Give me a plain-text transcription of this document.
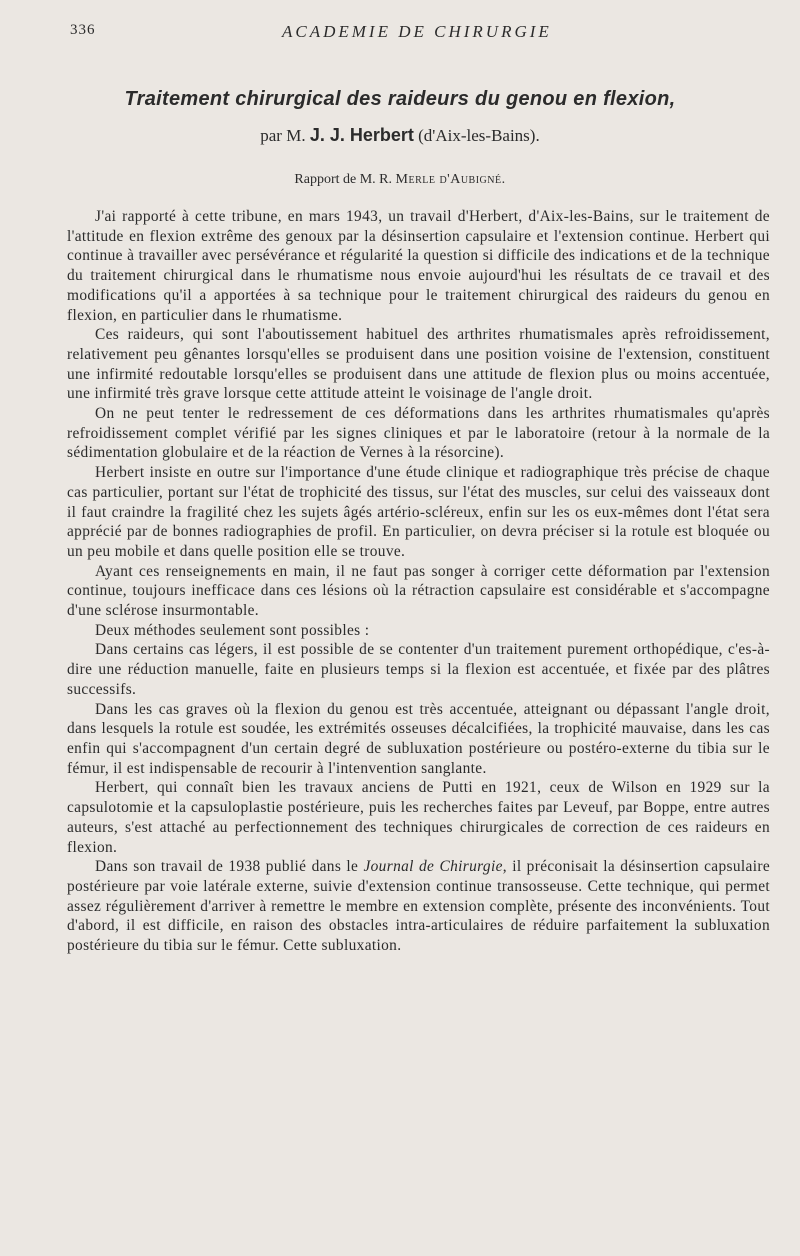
336	ACADEMIE DE CHIRURGIE
Traitement chirurgical des raideurs du genou en flexion,
par M. J. J. Herbert (d'Aix-les-Bains).
Rapport de M. R. Merle d'Aubigné.

J'ai rapporté à cette tribune, en mars 1943, un travail d'Herbert, d'Aix-les-Bains, sur le traitement de l'attitude en flexion extrême des genoux par la désinsertion capsulaire et l'extension continue. Herbert qui continue à travailler avec persévérance et régularité la question si difficile des indications et de la technique du traitement chirurgical dans le rhumatisme nous envoie aujourd'hui les résultats de ce travail et des modifications qu'il a apportées à sa technique pour le traitement chirurgical des raideurs du genou en flexion, en particulier dans le rhumatisme.

Ces raideurs, qui sont l'aboutissement habituel des arthrites rhumatismales après refroidissement, relativement peu gênantes lorsqu'elles se produisent dans une position voisine de l'extension, constituent une infirmité redoutable lorsqu'elles se produisent dans une attitude de flexion plus ou moins accentuée, une infirmité très grave lorsque cette attitude atteint le voisinage de l'angle droit.

On ne peut tenter le redressement de ces déformations dans les arthrites rhumatismales qu'après refroidissement complet vérifié par les signes cliniques et par le laboratoire (retour à la normale de la sédimentation globulaire et de la réaction de Vernes à la résorcine).

Herbert insiste en outre sur l'importance d'une étude clinique et radiographique très précise de chaque cas particulier, portant sur l'état de trophicité des tissus, sur l'état des muscles, sur celui des vaisseaux dont il faut craindre la fragilité chez les sujets âgés artério-scléreux, enfin sur les os eux-mêmes dont l'état sera apprécié par de bonnes radiographies de profil. En particulier, on devra préciser si la rotule est bloquée ou un peu mobile et dans quelle position elle se trouve.

Ayant ces renseignements en main, il ne faut pas songer à corriger cette déformation par l'extension continue, toujours inefficace dans ces lésions où la rétraction capsulaire est considérable et s'accompagne d'une sclérose insurmontable.

Deux méthodes seulement sont possibles :

Dans certains cas légers, il est possible de se contenter d'un traitement purement orthopédique, c'es-à-dire une réduction manuelle, faite en plusieurs temps si la flexion est accentuée, et fixée par des plâtres successifs.

Dans les cas graves où la flexion du genou est très accentuée, atteignant ou dépassant l'angle droit, dans lesquels la rotule est soudée, les extrémités osseuses décalcifiées, la trophicité mauvaise, dans les cas enfin qui s'accompagnent d'un certain degré de subluxation postérieure ou postéro-externe du tibia sur le fémur, il est indispensable de recourir à l'intenvention sanglante.

Herbert, qui connaît bien les travaux anciens de Putti en 1921, ceux de Wilson en 1929 sur la capsulotomie et la capsuloplastie postérieure, puis les recherches faites par Leveuf, par Boppe, entre autres auteurs, s'est attaché au perfectionnement des techniques chirurgicales de correction de ces raideurs en flexion.

Dans son travail de 1938 publié dans le Journal de Chirurgie, il préconisait la désinsertion capsulaire postérieure par voie latérale externe, suivie d'extension continue transosseuse. Cette technique, qui permet assez régulièrement d'arriver à remettre le membre en extension complète, présente des inconvénients. Tout d'abord, il est difficile, en raison des obstacles intra-articulaires de réduire parfaitement la subluxation postérieure du tibia sur le fémur. Cette subluxation.
